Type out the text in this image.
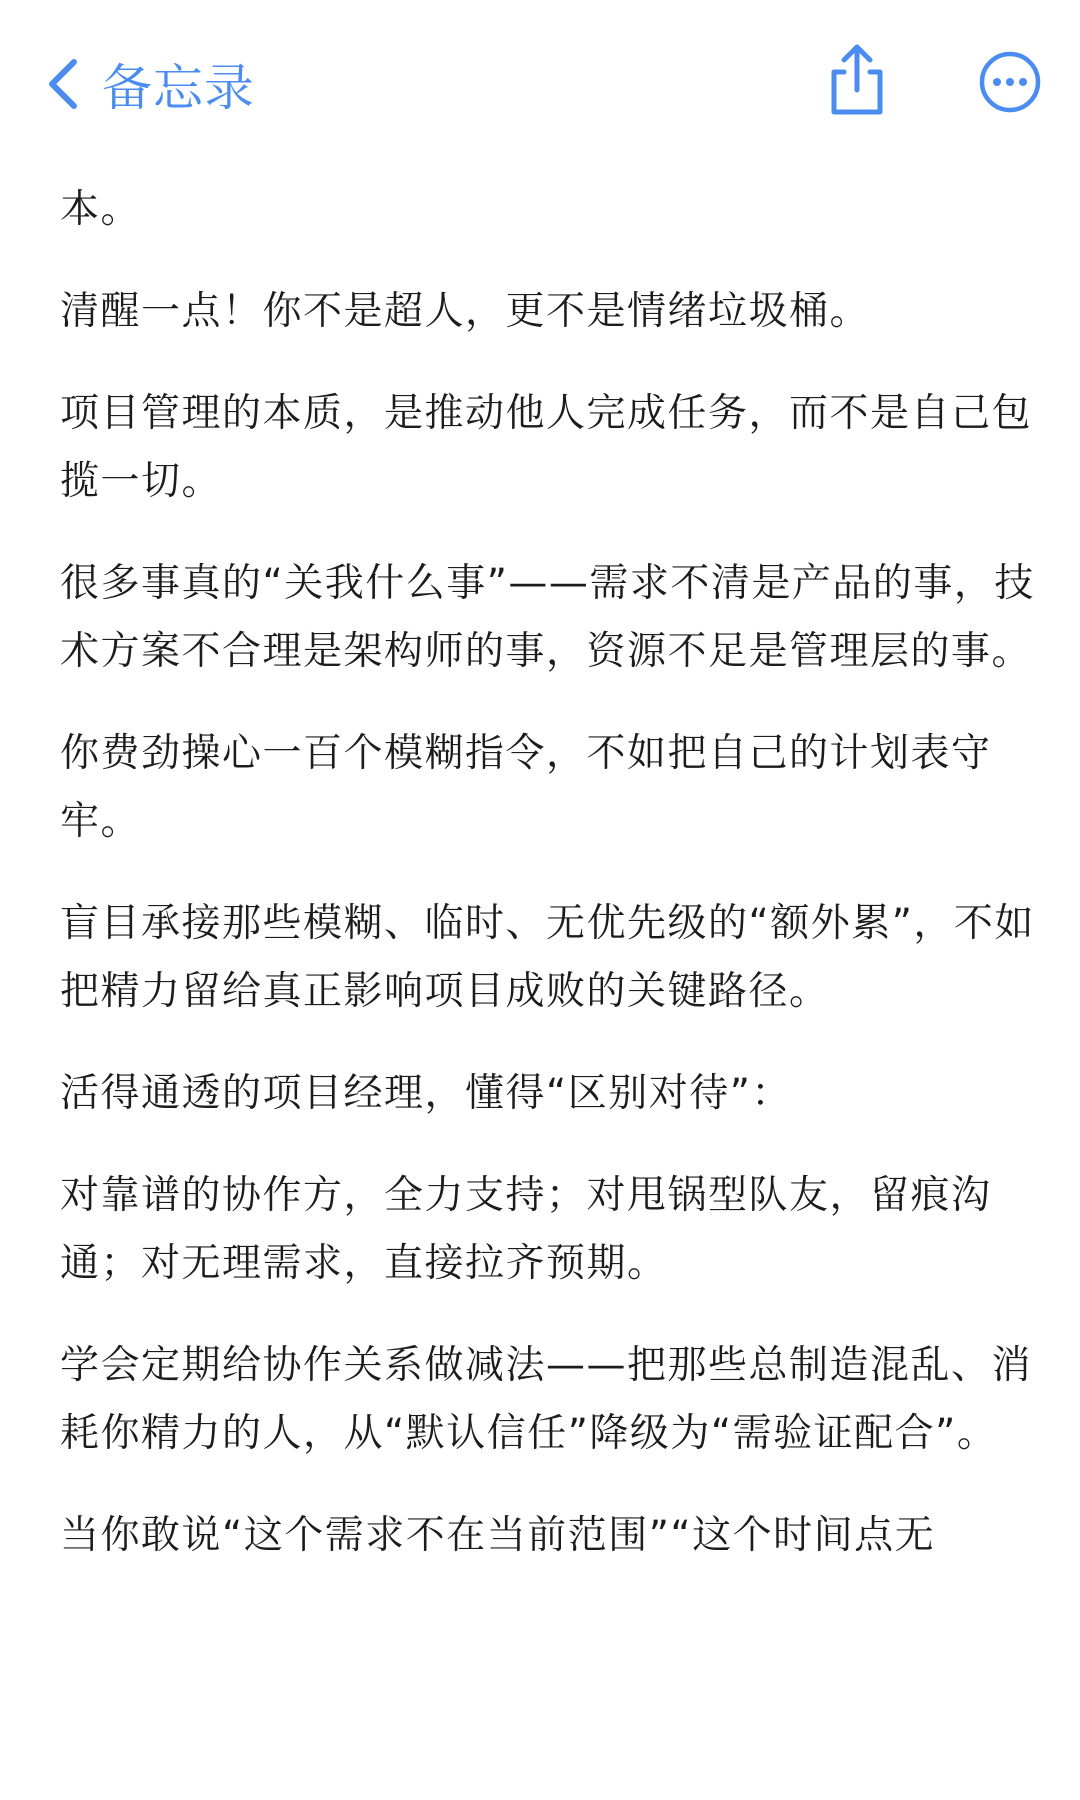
备忘录

本。

清醒一点！你不是超人，更不是情绪垃圾桶。

项目管理的本质，是推动他人完成任务，而不是自己包揽一切。

很多事真的“关我什么事”——需求不清是产品的事，技术方案不合理是架构师的事，资源不足是管理层的事。

你费劲操心一百个模糊指令，不如把自己的计划表守牢。

盲目承接那些模糊、临时、无优先级的“额外累”，不如把精力留给真正影响项目成败的关键路径。

活得通透的项目经理，懂得“区别对待”：

对靠谱的协作方，全力支持；对甩锅型队友，留痕沟通；对无理需求，直接拉齐预期。

学会定期给协作关系做减法——把那些总制造混乱、消耗你精力的人，从“默认信任”降级为“需验证配合”。

当你敢说“这个需求不在当前范围”“这个时间点无
